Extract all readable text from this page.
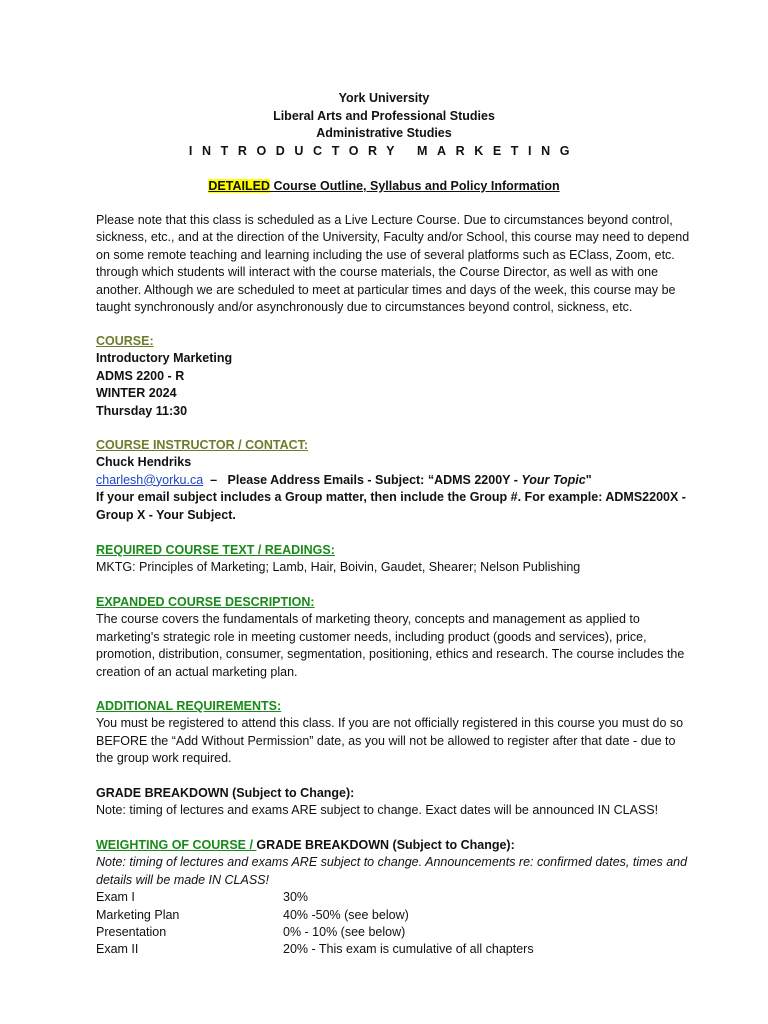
York University
Liberal Arts and Professional Studies
Administrative Studies
INTRODUCTORY MARKETING
DETAILED Course Outline, Syllabus and Policy Information
Please note that this class is scheduled as a Live Lecture Course. Due to circumstances beyond control, sickness, etc., and at the direction of the University, Faculty and/or School, this course may need to depend on some remote teaching and learning including the use of several platforms such as EClass, Zoom, etc. through which students will interact with the course materials, the Course Director, as well as with one another. Although we are scheduled to meet at particular times and days of the week, this course may be taught synchronously and/or asynchronously due to circumstances beyond control, sickness, etc.
COURSE:
Introductory Marketing
ADMS 2200 - R
WINTER 2024
Thursday 11:30
COURSE INSTRUCTOR / CONTACT:
Chuck Hendriks
charlesh@yorku.ca  –   Please Address Emails - Subject: “ADMS 2200Y - Your Topic"
If your email subject includes a Group matter, then include the Group #. For example: ADMS2200X - Group X - Your Subject.
REQUIRED COURSE TEXT / READINGS:
MKTG: Principles of Marketing; Lamb, Hair, Boivin, Gaudet, Shearer; Nelson Publishing
EXPANDED COURSE DESCRIPTION:
The course covers the fundamentals of marketing theory, concepts and management as applied to marketing's strategic role in meeting customer needs, including product (goods and services), price, promotion, distribution, consumer, segmentation, positioning, ethics and research. The course includes the creation of an actual marketing plan.
ADDITIONAL REQUIREMENTS:
You must be registered to attend this class. If you are not officially registered in this course you must do so BEFORE the “Add Without Permission” date, as you will not be allowed to register after that date - due to the group work required.
GRADE BREAKDOWN (Subject to Change):
Note: timing of lectures and exams ARE subject to change. Exact dates will be announced IN CLASS!
WEIGHTING OF COURSE / GRADE BREAKDOWN (Subject to Change):
Note: timing of lectures and exams ARE subject to change. Announcements re: confirmed dates, times and details will be made IN CLASS!
Exam I	30%
Marketing Plan	40% -50% (see below)
Presentation	0% - 10% (see below)
Exam II	20% - This exam is cumulative of all chapters
